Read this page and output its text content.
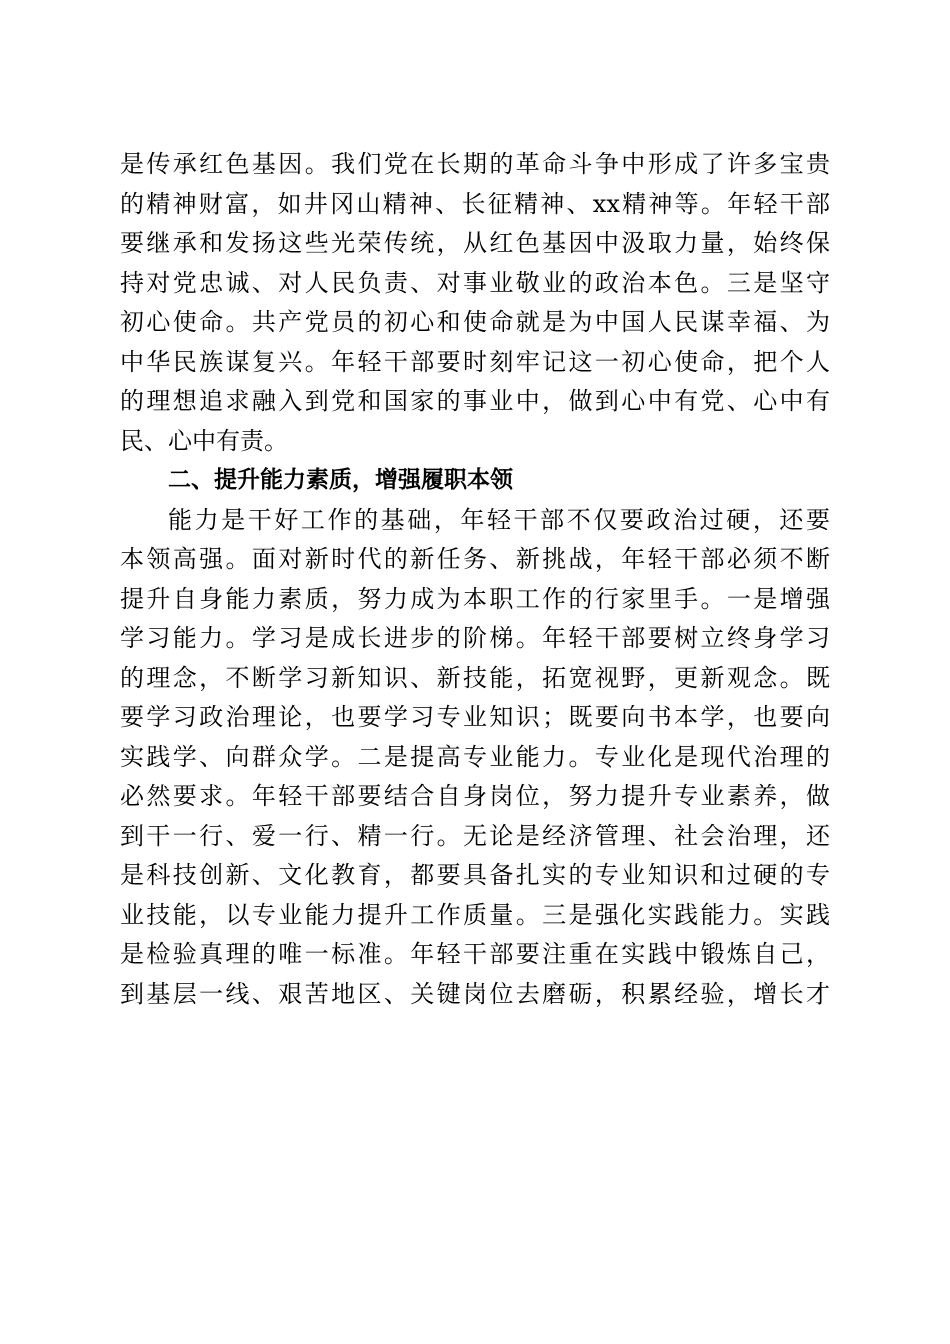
是传承红色基因。我们党在长期的革命斗争中形成了许多宝贵
的精神财富，如井冈山精神、长征精神、xx精神等。年轻干部
要继承和发扬这些光荣传统，从红色基因中汲取力量，始终保
持对党忠诚、对人民负责、对事业敬业的政治本色。三是坚守
初心使命。共产党员的初心和使命就是为中国人民谋幸福、为
中华民族谋复兴。年轻干部要时刻牢记这一初心使命，把个人
的理想追求融入到党和国家的事业中，做到心中有党、心中有
民、心中有责。
二、提升能力素质，增强履职本领
能力是干好工作的基础，年轻干部不仅要政治过硬，还要
本领高强。面对新时代的新任务、新挑战，年轻干部必须不断
提升自身能力素质，努力成为本职工作的行家里手。一是增强
学习能力。学习是成长进步的阶梯。年轻干部要树立终身学习
的理念，不断学习新知识、新技能，拓宽视野，更新观念。既
要学习政治理论，也要学习专业知识；既要向书本学，也要向
实践学、向群众学。二是提高专业能力。专业化是现代治理的
必然要求。年轻干部要结合自身岗位，努力提升专业素养，做
到干一行、爱一行、精一行。无论是经济管理、社会治理，还
是科技创新、文化教育，都要具备扎实的专业知识和过硬的专
业技能，以专业能力提升工作质量。三是强化实践能力。实践
是检验真理的唯一标准。年轻干部要注重在实践中锻炼自己，
到基层一线、艰苦地区、关键岗位去磨砺，积累经验，增长才
